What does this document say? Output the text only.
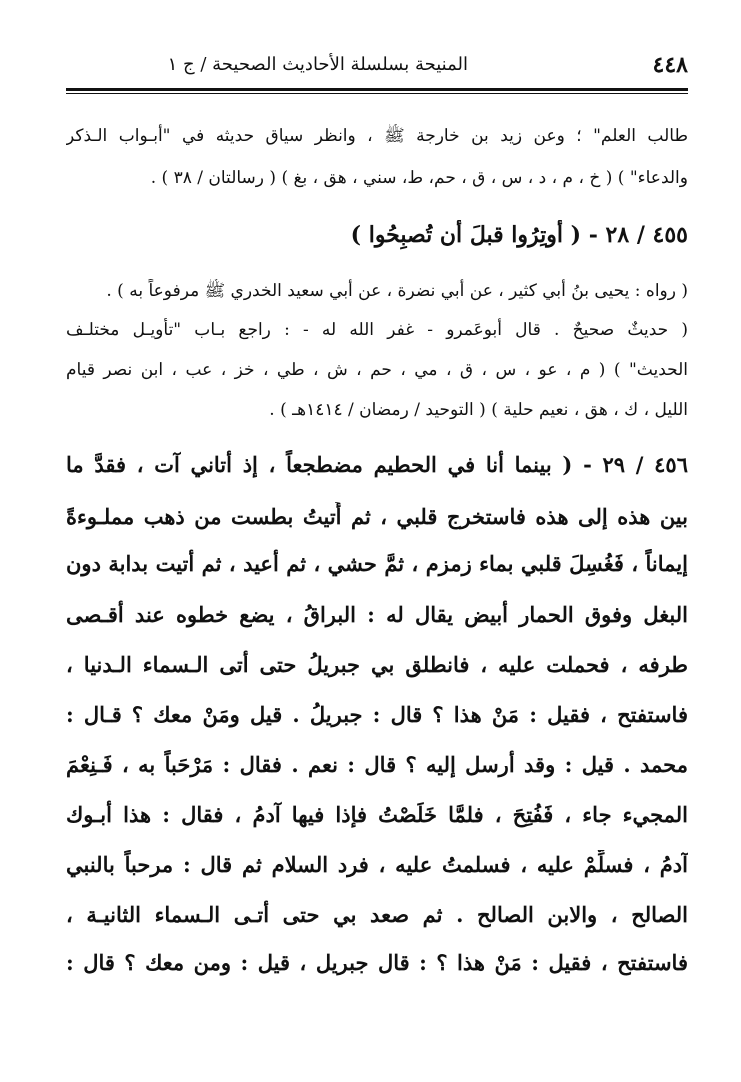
٤٤٨
المنيحة بسلسلة الأحاديث الصحيحة / ج ١
طالب العلم" ؛ وعن زيد بن خارجة ﷺ ، وانظر سياق حديثه في "أبـواب الـذكر
والدعاء" ) ( خ ، م ، د ، س ، ق ، حم، ط، سني ، هق ، بغ ) ( رسالتان / ٣٨ ) .
٤٥٥ / ٢٨ - ( أوتِرُوا قبلَ أن تُصبِحُوا )
( رواه : يحيى بنُ أبي كثير ، عن أبي نضرة ، عن أبي سعيد الخدري ﷺ مرفوعاً به ) .
( حديثٌ صحيحٌ . قال أبوعَمرو - غفر الله له - : راجع بـاب "تأويـل مختلـف
الحديث" ) ( م ، عو ، س ، ق ، مي ، حم ، ش ، طي ، خز ، عب ، ابن نصر قيام
الليل ، ك ، هق ، نعيم حلية ) ( التوحيد / رمضان / ١٤١٤هـ ) .
٤٥٦ / ٢٩ - ( بينما أنا في الحطيم مضطجعاً ، إذ أتاني آت ، فقدَّ ما
بين هذه إلى هذه فاستخرج قلبي ، ثم أُتيتُ بطست من ذهب مملـوءةً
إيماناً ، فَغُسِلَ قلبي بماء زمزم ، ثمَّ حشي ، ثم أعيد ، ثم أتيت بدابة دون
البغل وفوق الحمار أبيض يقال له : البراقُ ، يضع خطوه عند أقـصى
طرفه ، فحملت عليه ، فانطلق بي جبريلُ حتى أتى الـسماء الـدنيا ،
فاستفتح ، فقيل : مَنْ هذا ؟ قال : جبريلُ . قيل ومَنْ معك ؟ قـال :
محمد . قيل : وقد أرسل إليه ؟ قال : نعم . فقال : مَرْحَباً به ، فَـنِعْمَ
المجيء جاء ، فَفُتِحَ ، فلمَّا خَلَصْتُ فإذا فيها آدمُ ، فقال : هذا أبـوك
آدمُ ، فسلِّمْ عليه ، فسلمتُ عليه ، فرد السلام ثم قال : مرحباً بالنبي
الصالح ، والابن الصالح . ثم صعد بي حتى أتـى الـسماء الثانيـة ،
فاستفتح ، فقيل : مَنْ هذا ؟ : قال جبريل ، قيل : ومن معك ؟ قال :
